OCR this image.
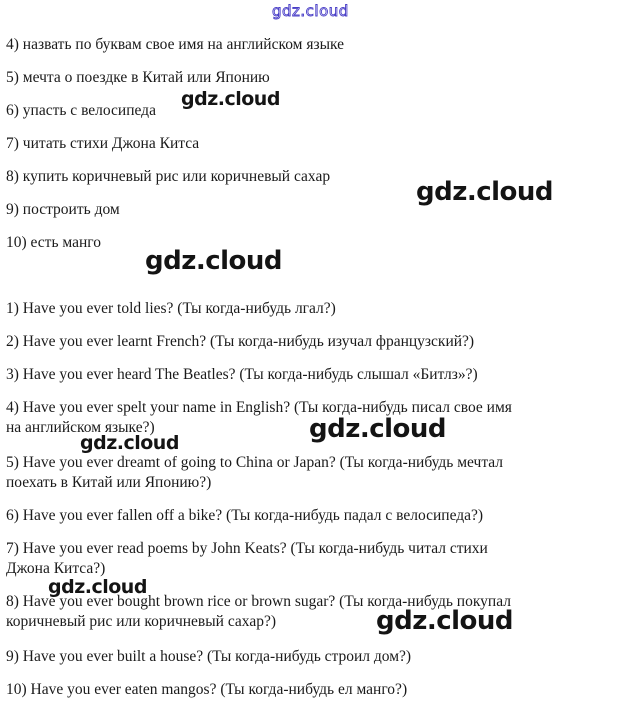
gdz.cloud
4) назвать по буквам свое имя на английском языке
5) мечта о поездке в Китай или Японию
6) упасть с велосипеда
7) читать стихи Джона Китса
8) купить коричневый рис или коричневый сахар
9) построить дом
10) есть манго
1) Have you ever told lies? (Ты когда-нибудь лгал?)
2) Have you ever learnt French? (Ты когда-нибудь изучал французский?)
3) Have you ever heard The Beatles? (Ты когда-нибудь слышал «Битлз»?)
4) Have you ever spelt your name in English? (Ты когда-нибудь писал свое имя
на английском языке?)
5) Have you ever dreamt of going to China or Japan? (Ты когда-нибудь мечтал
поехать в Китай или Японию?)
6) Have you ever fallen off a bike? (Ты когда-нибудь падал с велосипеда?)
7) Have you ever read poems by John Keats? (Ты когда-нибудь читал стихи
Джона Китса?)
8) Have you ever bought brown rice or brown sugar? (Ты когда-нибудь покупал
коричневый рис или коричневый сахар?)
9) Have you ever built a house? (Ты когда-нибудь строил дом?)
10) Have you ever eaten mangos? (Ты когда-нибудь ел манго?)
gdz.cloud
gdz.cloud
gdz.cloud
gdz.cloud
gdz.cloud
gdz.cloud
gdz.cloud
